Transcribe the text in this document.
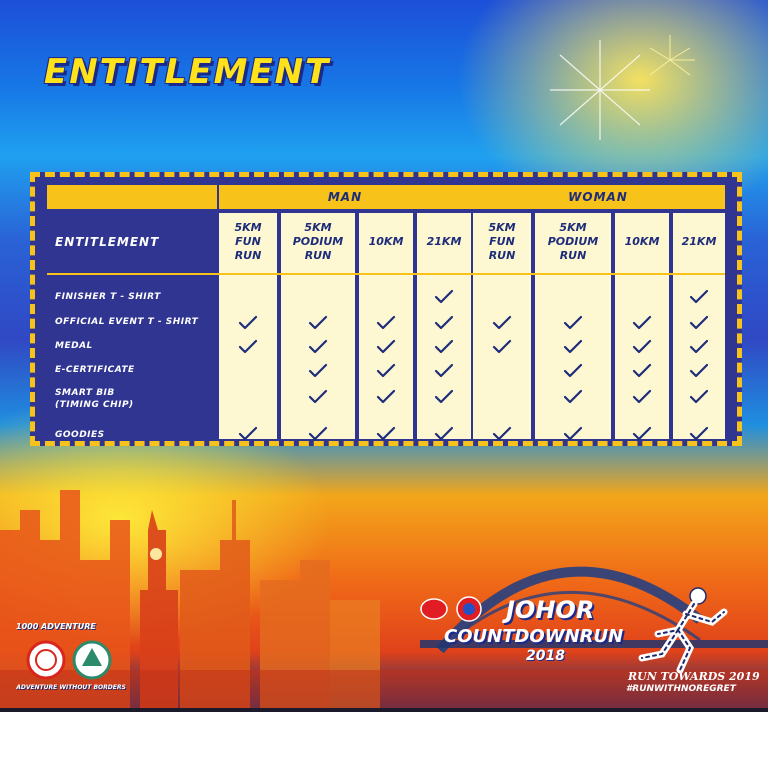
ENTITLEMENT
MAN	WOMAN
ENTITLEMENT
5KM
FUN
RUN
5KM
PODIUM
RUN
10KM 21KM
5KM
FUN
RUN
5KM
PODIUM
RUN
10KM 21KM
FINISHER T - SHIRT
OFFICIAL EVENT T - SHIRT
MEDAL
E-CERTIFICATE
SMART BIB
(TIMING CHIP)
GOODIES
1000 ADVENTURE
ADVENTURE WITHOUT BORDERS

JOHOR

COUNTDOWNRUN

2018

RUN TOWARDS 2019

#RUNWITHNOREGRET
